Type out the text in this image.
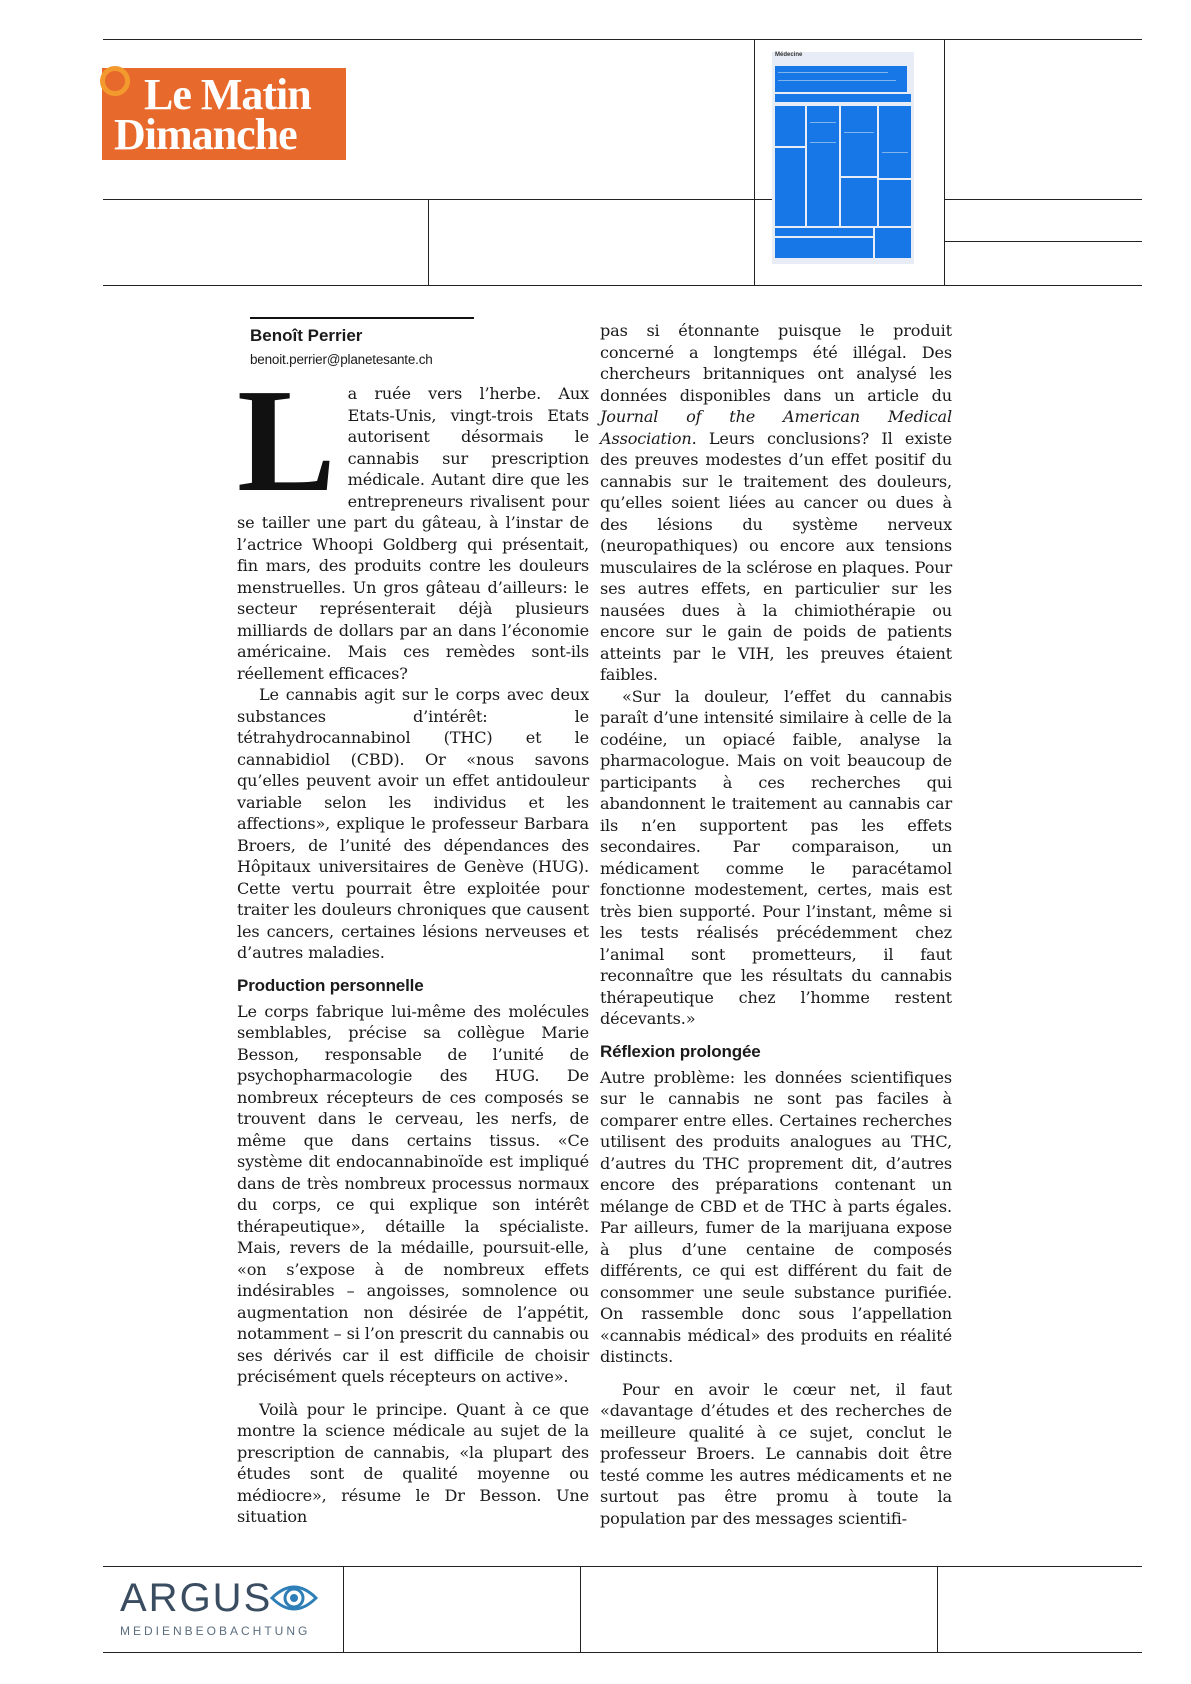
Le Matin
Dimanche
Médecine
Benoît Perrier
benoit.perrier@planetesante.ch

La ruée vers l’herbe. Aux Etats-Unis, vingt-trois Etats autorisent désormais le cannabis sur prescription médicale. Autant dire que les entrepreneurs rivalisent pour se tailler une part du gâteau, à l’instar de l’actrice Whoopi Goldberg qui présentait, fin mars, des produits contre les douleurs menstruelles. Un gros gâteau d’ailleurs: le secteur représenterait déjà plusieurs milliards de dollars par an dans l’économie américaine. Mais ces remèdes sont-ils réellement efficaces?

Le cannabis agit sur le corps avec deux substances d’intérêt: le tétrahydrocannabinol (THC) et le cannabidiol (CBD). Or «nous savons qu’elles peuvent avoir un effet antidouleur variable selon les individus et les affections», explique le professeur Barbara Broers, de l’unité des dépendances des Hôpitaux universitaires de Genève (HUG). Cette vertu pourrait être exploitée pour traiter les douleurs chroniques que causent les cancers, certaines lésions nerveuses et d’autres maladies.

Production personnelle

Le corps fabrique lui-même des molécules semblables, précise sa collègue Marie Besson, responsable de l’unité de psychopharmacologie des HUG. De nombreux récepteurs de ces composés se trouvent dans le cerveau, les nerfs, de même que dans certains tissus. «Ce système dit endocannabinoïde est impliqué dans de très nombreux processus normaux du corps, ce qui explique son intérêt thérapeutique», détaille la spécialiste. Mais, revers de la médaille, poursuit-elle, «on s’expose à de nombreux effets indésirables – angoisses, somnolence ou augmentation non désirée de l’appétit, notamment – si l’on prescrit du cannabis ou ses dérivés car il est difficile de choisir précisément quels récepteurs on active».

Voilà pour le principe. Quant à ce que montre la science médicale au sujet de la prescription de cannabis, «la plupart des études sont de qualité moyenne ou médiocre», résume le Dr Besson. Une situation

pas si étonnante puisque le produit concerné a longtemps été illégal. Des chercheurs britanniques ont analysé les données disponibles dans un article du Journal of the American Medical Association. Leurs conclusions? Il existe des preuves modestes d’un effet positif du cannabis sur le traitement des douleurs, qu’elles soient liées au cancer ou dues à des lésions du système nerveux (neuropathiques) ou encore aux tensions musculaires de la sclérose en plaques. Pour ses autres effets, en particulier sur les nausées dues à la chimiothérapie ou encore sur le gain de poids de patients atteints par le VIH, les preuves étaient faibles.

«Sur la douleur, l’effet du cannabis paraît d’une intensité similaire à celle de la codéine, un opiacé faible, analyse la pharmacologue. Mais on voit beaucoup de participants à ces recherches qui abandonnent le traitement au cannabis car ils n’en supportent pas les effets secondaires. Par comparaison, un médicament comme le paracétamol fonctionne modestement, certes, mais est très bien supporté. Pour l’instant, même si les tests réalisés précédemment chez l’animal sont prometteurs, il faut reconnaître que les résultats du cannabis thérapeutique chez l’homme restent décevants.»

Réflexion prolongée

Autre problème: les données scientifiques sur le cannabis ne sont pas faciles à comparer entre elles. Certaines recherches utilisent des produits analogues au THC, d’autres du THC proprement dit, d’autres encore des préparations contenant un mélange de CBD et de THC à parts égales. Par ailleurs, fumer de la marijuana expose à plus d’une centaine de composés différents, ce qui est différent du fait de consommer une seule substance purifiée. On rassemble donc sous l’appellation «cannabis médical» des produits en réalité distincts.

Pour en avoir le cœur net, il faut «davantage d’études et des recherches de meilleure qualité à ce sujet, conclut le professeur Broers. Le cannabis doit être testé comme les autres médicaments et ne surtout pas être promu à toute la population par des messages scientifi-

ARGUS
MEDIENBEOBACHTUNG
